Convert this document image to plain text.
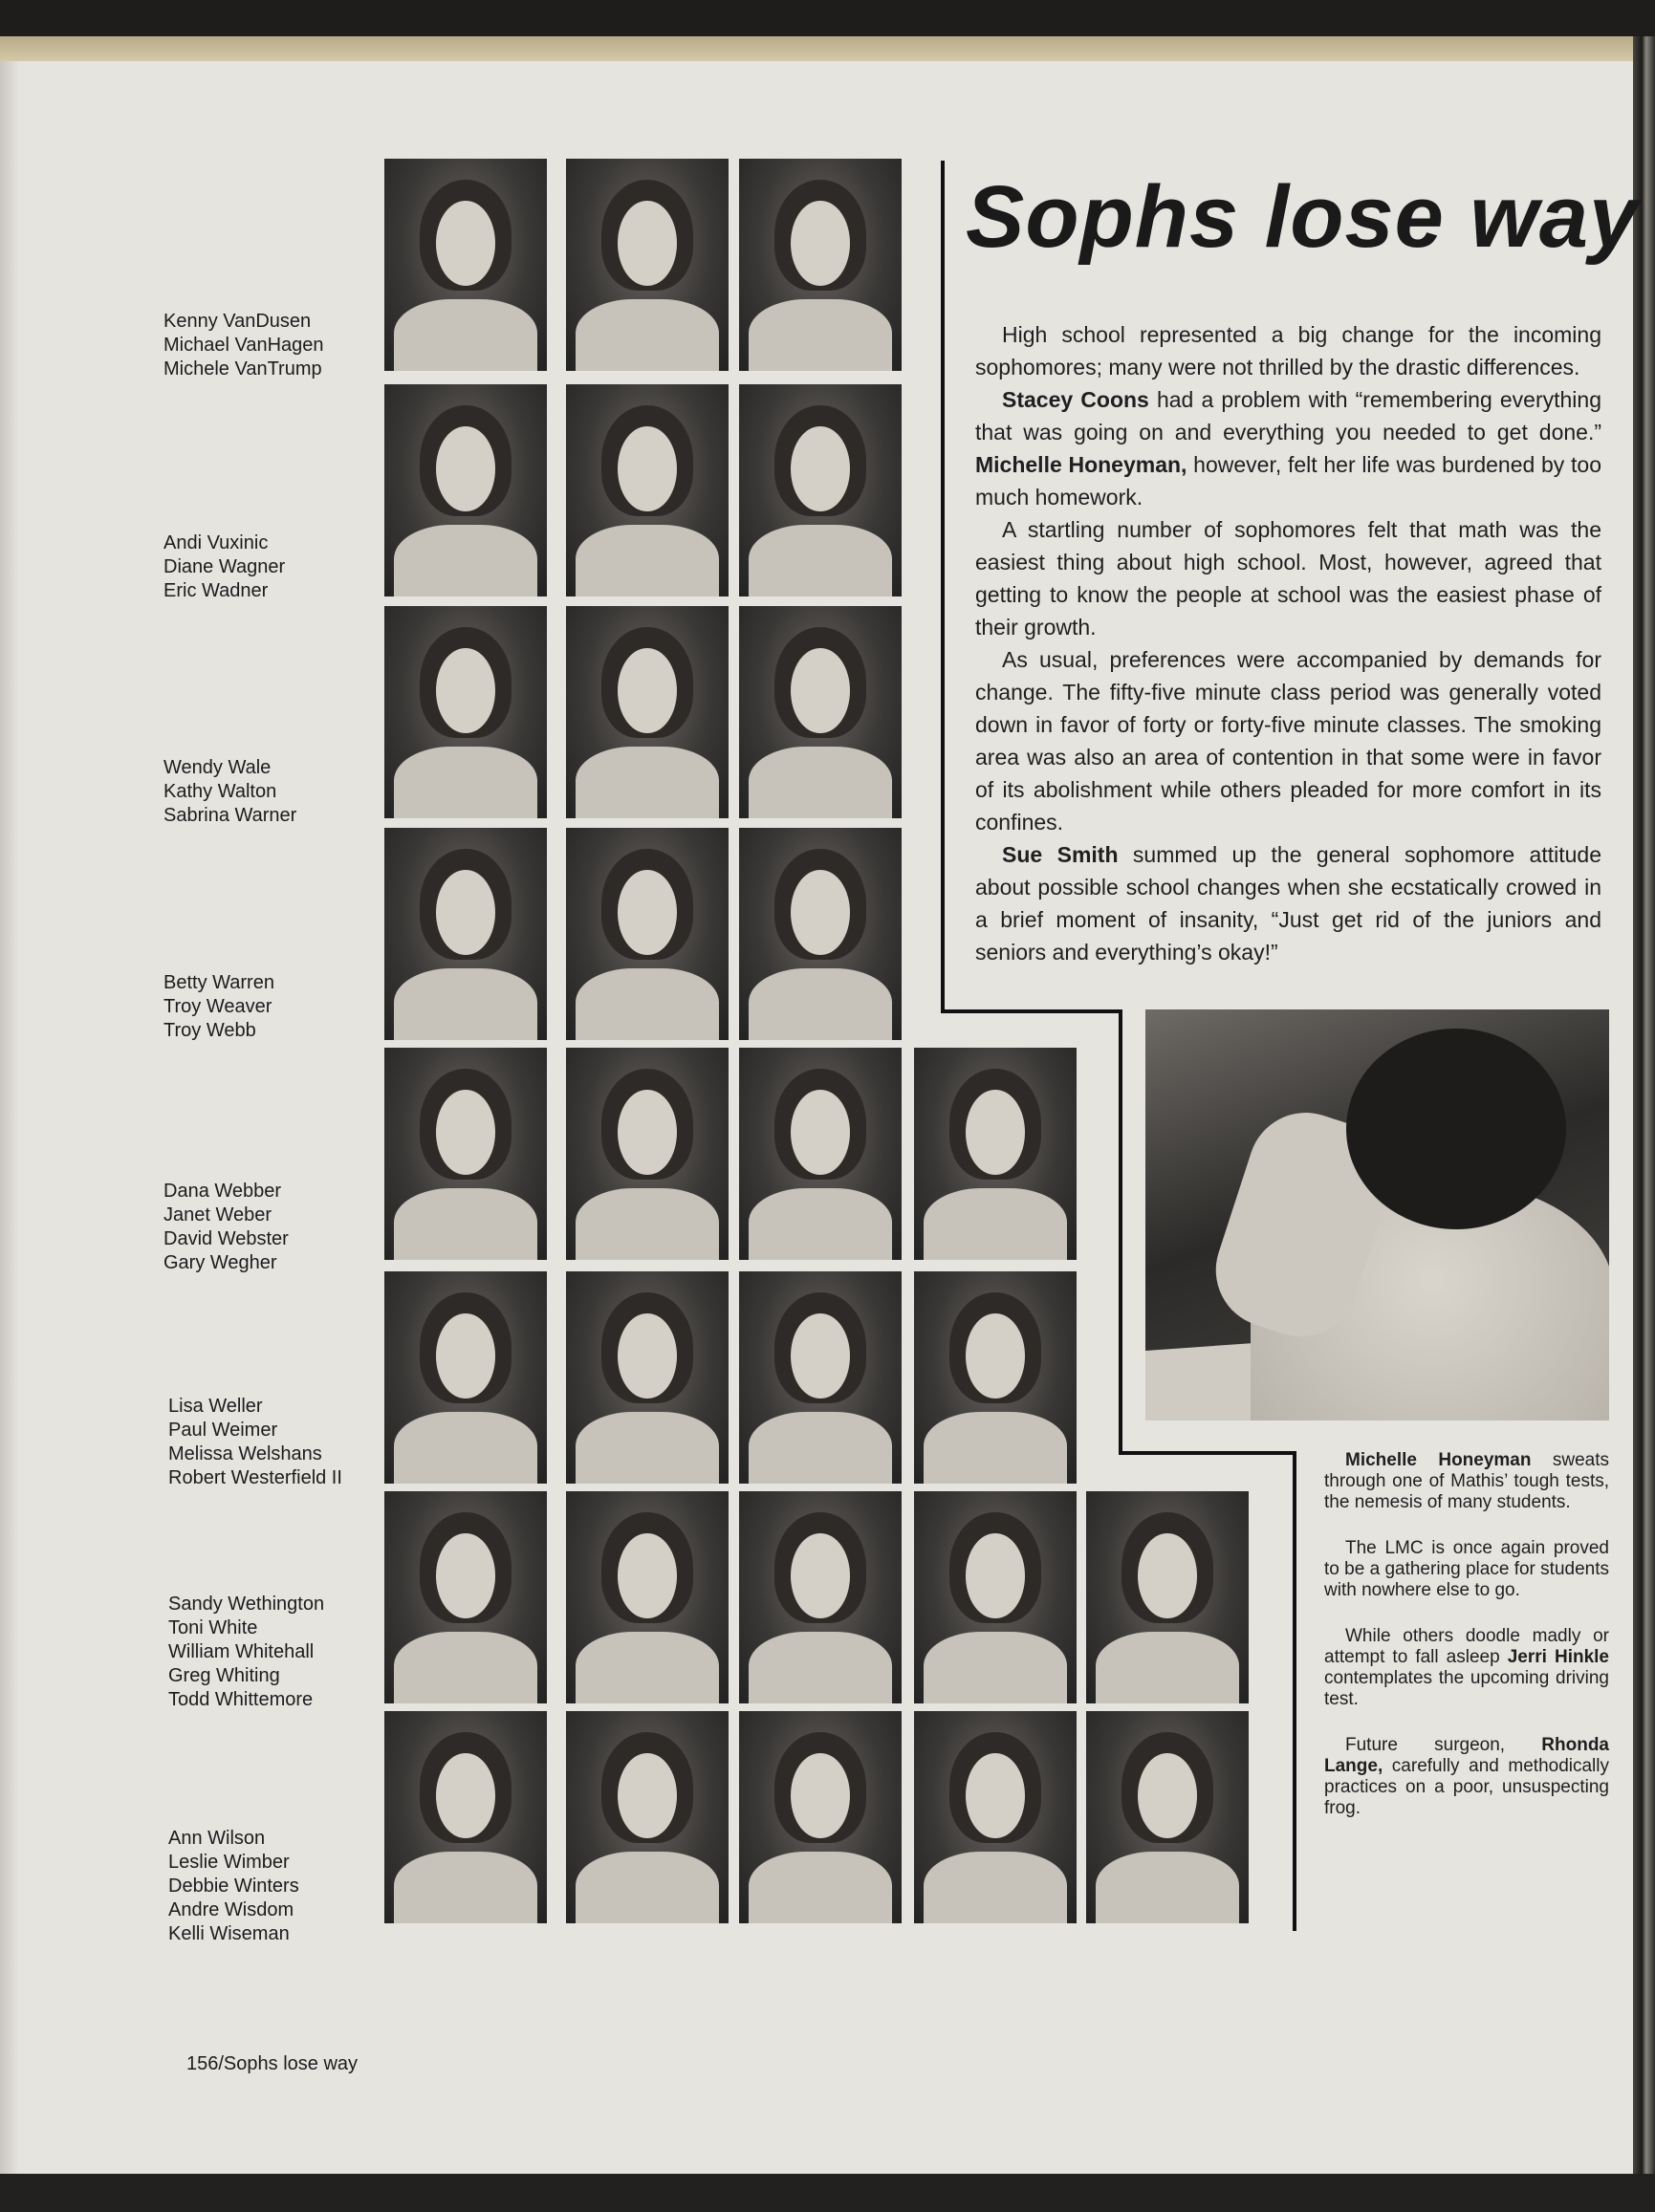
Kenny VanDusen
Michael VanHagen
Michele VanTrump
Andi Vuxinic
Diane Wagner
Eric Wadner
Wendy Wale
Kathy Walton
Sabrina Warner
Betty Warren
Troy Weaver
Troy Webb
Dana Webber
Janet Weber
David Webster
Gary Wegher
Lisa Weller
Paul Weimer
Melissa Welshans
Robert Westerfield II
Sandy Wethington
Toni White
William Whitehall
Greg Whiting
Todd Whittemore
Ann Wilson
Leslie Wimber
Debbie Winters
Andre Wisdom
Kelli Wiseman
Sophs lose way

High school represented a big change for the incoming sophomores; many were not thrilled by the drastic differences.

Stacey Coons had a problem with “remembering everything that was going on and everything you needed to get done.” Michelle Honeyman, however, felt her life was burdened by too much homework.

A startling number of sophomores felt that math was the easiest thing about high school. Most, however, agreed that getting to know the people at school was the easiest phase of their growth.

As usual, preferences were accompanied by demands for change. The fifty-five minute class period was generally voted down in favor of forty or forty-five minute classes. The smoking area was also an area of contention in that some were in favor of its abolishment while others pleaded for more comfort in its confines.

Sue Smith summed up the general sophomore attitude about possible school changes when she ecstatically crowed in a brief moment of insanity, “Just get rid of the juniors and seniors and everything’s okay!”

Michelle Honeyman sweats through one of Mathis’ tough tests, the nemesis of many students.

The LMC is once again proved to be a gathering place for students with nowhere else to go.

While others doodle madly or attempt to fall asleep Jerri Hinkle contemplates the upcoming driving test.

Future surgeon, Rhonda Lange, carefully and methodically practices on a poor, unsuspecting frog.

156/Sophs lose way
